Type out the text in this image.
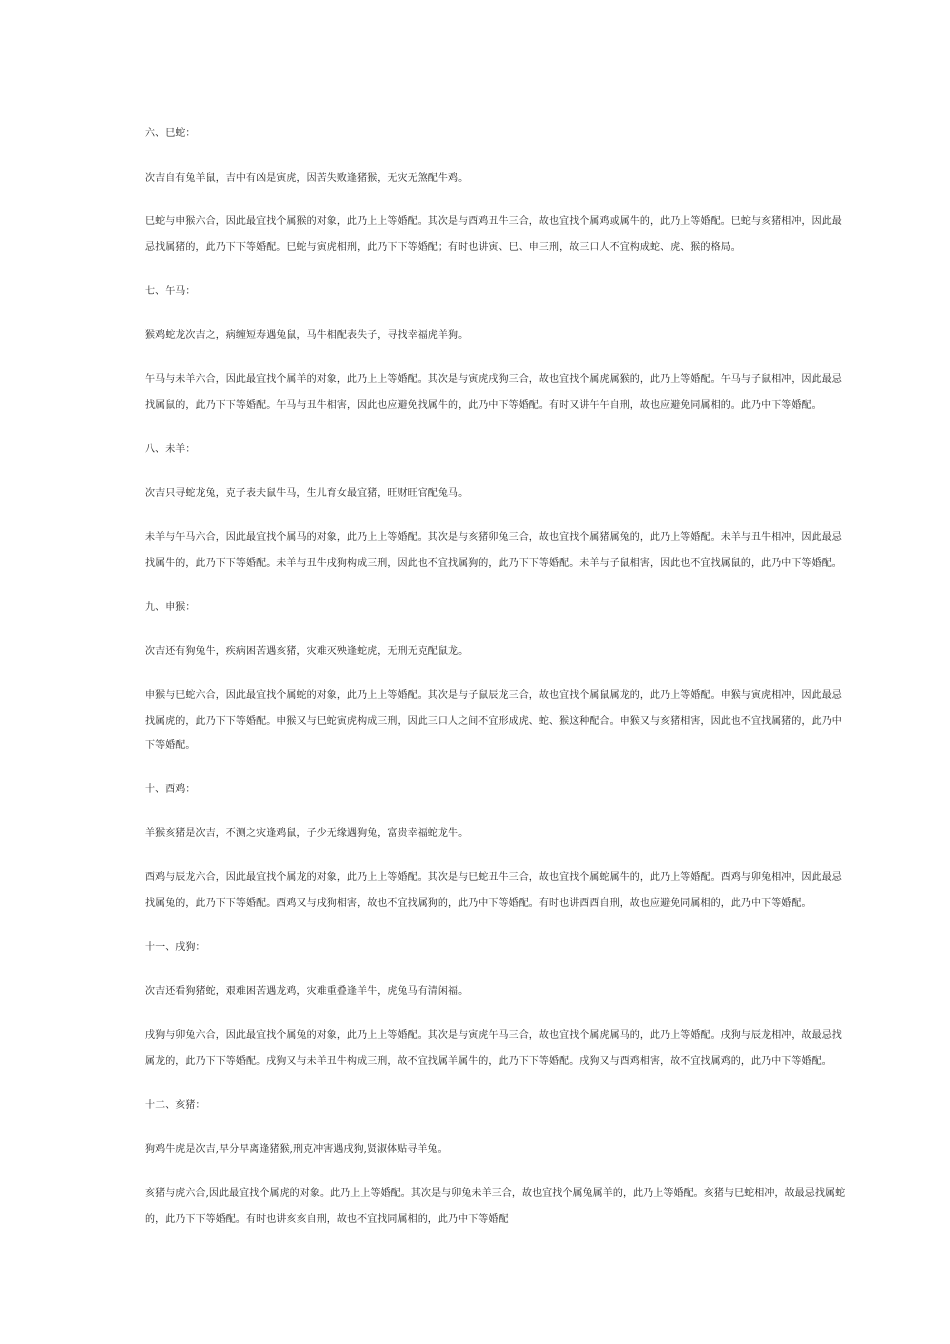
六、巳蛇：
次吉自有兔羊鼠，吉中有凶是寅虎，因苦失败逢猪猴，无灾无煞配牛鸡。
巳蛇与申猴六合，因此最宜找个属猴的对象，此乃上上等婚配。其次是与酉鸡丑牛三合，故也宜找个属鸡或属牛的，此乃上等婚配。巳蛇与亥猪相冲，因此最
忌找属猪的，此乃下下等婚配。巳蛇与寅虎相刑，此乃下下等婚配；有时也讲寅、巳、申三刑，故三口人不宜构成蛇、虎、猴的格局。
七、午马：
猴鸡蛇龙次吉之，病缠短寿遇兔鼠，马牛相配表失子，寻找幸福虎羊狗。
午马与未羊六合，因此最宜找个属羊的对象，此乃上上等婚配。其次是与寅虎戌狗三合，故也宜找个属虎属猴的，此乃上等婚配。午马与子鼠相冲，因此最忌
找属鼠的，此乃下下等婚配。午马与丑牛相害，因此也应避免找属牛的，此乃中下等婚配。有时又讲午午自刑，故也应避免同属相的。此乃中下等婚配。
八、未羊：
次吉只寻蛇龙兔，克子表夫鼠牛马，生儿育女最宜猪，旺财旺官配兔马。
未羊与午马六合，因此最宜找个属马的对象，此乃上上等婚配。其次是与亥猪卯兔三合，故也宜找个属猪属兔的，此乃上等婚配。未羊与丑牛相冲，因此最忌
找属牛的，此乃下下等婚配。未羊与丑牛戌狗构成三刑，因此也不宜找属狗的，此乃下下等婚配。未羊与子鼠相害，因此也不宜找属鼠的，此乃中下等婚配。
九、申猴：
次吉还有狗兔牛，疾病困苦遇亥猪，灾难灭殃逢蛇虎，无刑无克配鼠龙。
申猴与巳蛇六合，因此最宜找个属蛇的对象，此乃上上等婚配。其次是与子鼠辰龙三合，故也宜找个属鼠属龙的，此乃上等婚配。申猴与寅虎相冲，因此最忌
找属虎的，此乃下下等婚配。申猴又与巳蛇寅虎构成三刑，因此三口人之间不宜形成虎、蛇、猴这种配合。申猴又与亥猪相害，因此也不宜找属猪的，此乃中
下等婚配。
十、酉鸡：
羊猴亥猪是次吉，不测之灾逢鸡鼠，子少无缘遇狗兔，富贵幸福蛇龙牛。
酉鸡与辰龙六合，因此最宜找个属龙的对象，此乃上上等婚配。其次是与巳蛇丑牛三合，故也宜找个属蛇属牛的，此乃上等婚配。酉鸡与卯兔相冲，因此最忌
找属兔的，此乃下下等婚配。酉鸡又与戌狗相害，故也不宜找属狗的，此乃中下等婚配。有时也讲酉酉自刑，故也应避免同属相的，此乃中下等婚配。
十一、戌狗：
次吉还看狗猪蛇，艰难困苦遇龙鸡，灾难重叠逢羊牛，虎兔马有清闲福。
戌狗与卯兔六合，因此最宜找个属兔的对象，此乃上上等婚配。其次是与寅虎午马三合，故也宜找个属虎属马的，此乃上等婚配。戌狗与辰龙相冲，故最忌找
属龙的，此乃下下等婚配。戌狗又与未羊丑牛构成三刑，故不宜找属羊属牛的，此乃下下等婚配。戌狗又与酉鸡相害，故不宜找属鸡的，此乃中下等婚配。
十二、亥猪：
狗鸡牛虎是次吉,早分早离逢猪猴,刑克冲害遇戌狗,贤淑体贴寻羊兔。
亥猪与虎六合,因此最宜找个属虎的对象。此乃上上等婚配。其次是与卯兔未羊三合，故也宜找个属兔属羊的，此乃上等婚配。亥猪与巳蛇相冲，故最忌找属蛇
的，此乃下下等婚配。有时也讲亥亥自刑，故也不宜找同属相的，此乃中下等婚配
